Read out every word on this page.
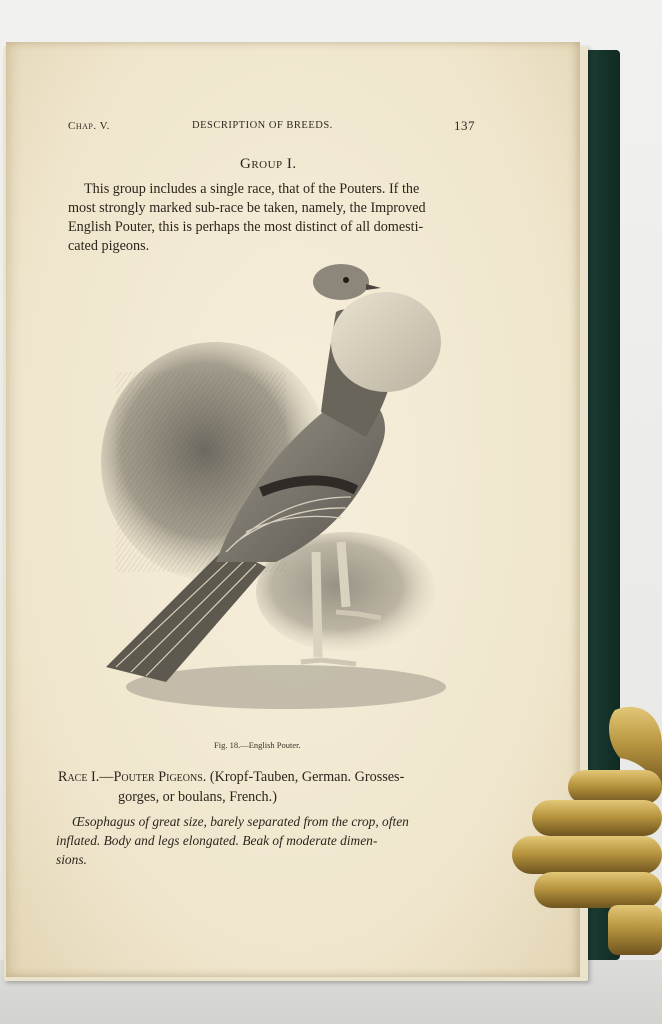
Chap. V.	DESCRIPTION OF BREEDS.	137
Group I.
This group includes a single race, that of the Pouters. If the
most strongly marked sub-race be taken, namely, the Improved
English Pouter, this is perhaps the most distinct of all domesti-
cated pigeons.
Fig. 18.—English Pouter.
Race I.—Pouter Pigeons. (Kropf-Tauben, German. Grosses-
gorges, or boulans, French.)
Œsophagus of great size, barely separated from the crop, often
inflated. Body and legs elongated. Beak of moderate dimen-
sions.
